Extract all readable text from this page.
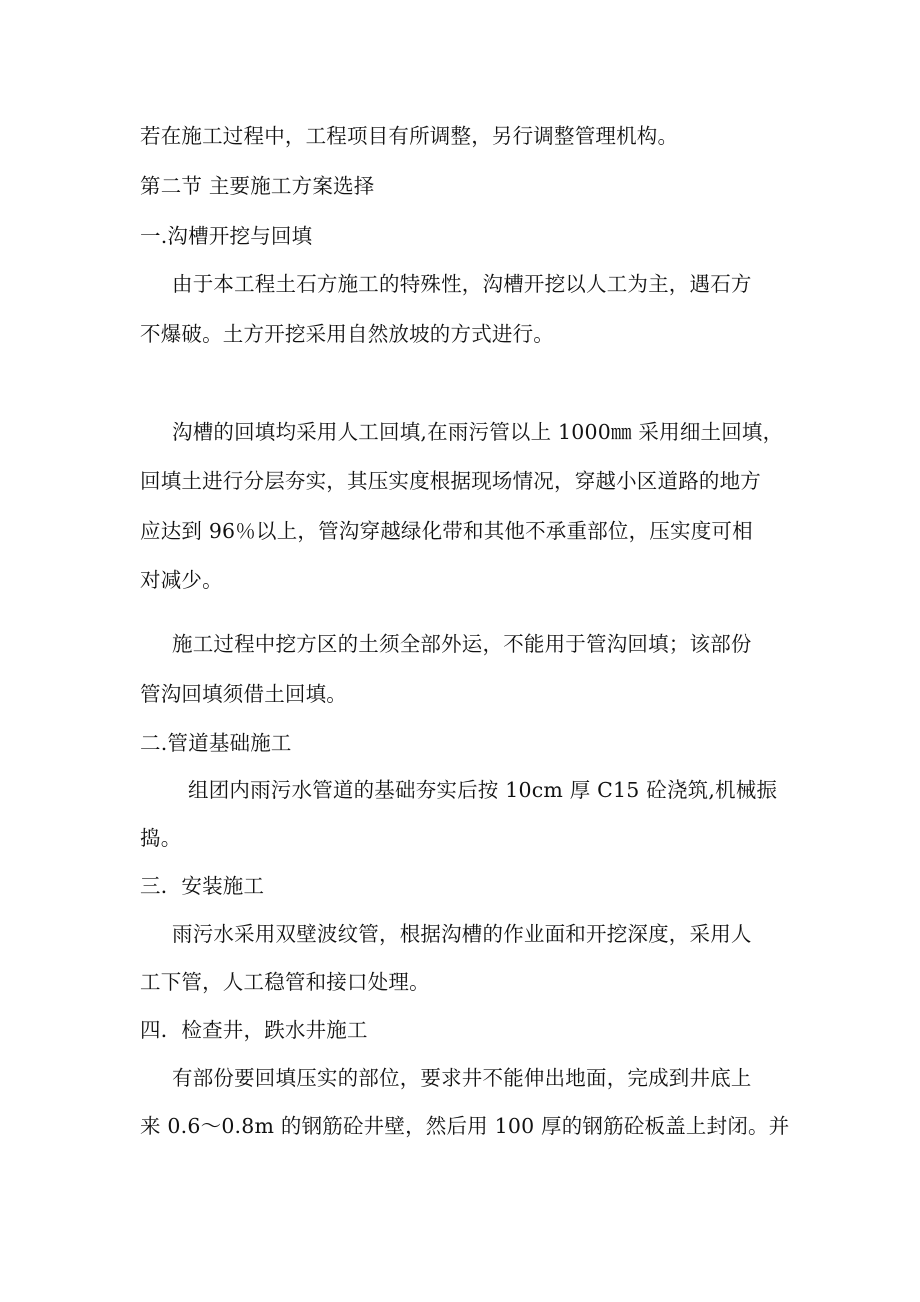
若在施工过程中，工程项目有所调整，另行调整管理机构。
第二节 主要施工方案选择
一.沟槽开挖与回填
由于本工程土石方施工的特殊性，沟槽开挖以人工为主，遇石方
不爆破。土方开挖采用自然放坡的方式进行。
沟槽的回填均采用人工回填,在雨污管以上 1000㎜ 采用细土回填，
回填土进行分层夯实，其压实度根据现场情况，穿越小区道路的地方
应达到 96％以上，管沟穿越绿化带和其他不承重部位，压实度可相
对减少。
施工过程中挖方区的土须全部外运，不能用于管沟回填；该部份
管沟回填须借土回填。
二.管道基础施工
组团内雨污水管道的基础夯实后按 10cm 厚 C15 砼浇筑,机械振
捣。
三．安装施工
雨污水采用双壁波纹管，根据沟槽的作业面和开挖深度，采用人
工下管，人工稳管和接口处理。
四．检查井，跌水井施工
有部份要回填压实的部位，要求井不能伸出地面，完成到井底上
来 0.6～0.8m 的钢筋砼井壁，然后用 100 厚的钢筋砼板盖上封闭。并
